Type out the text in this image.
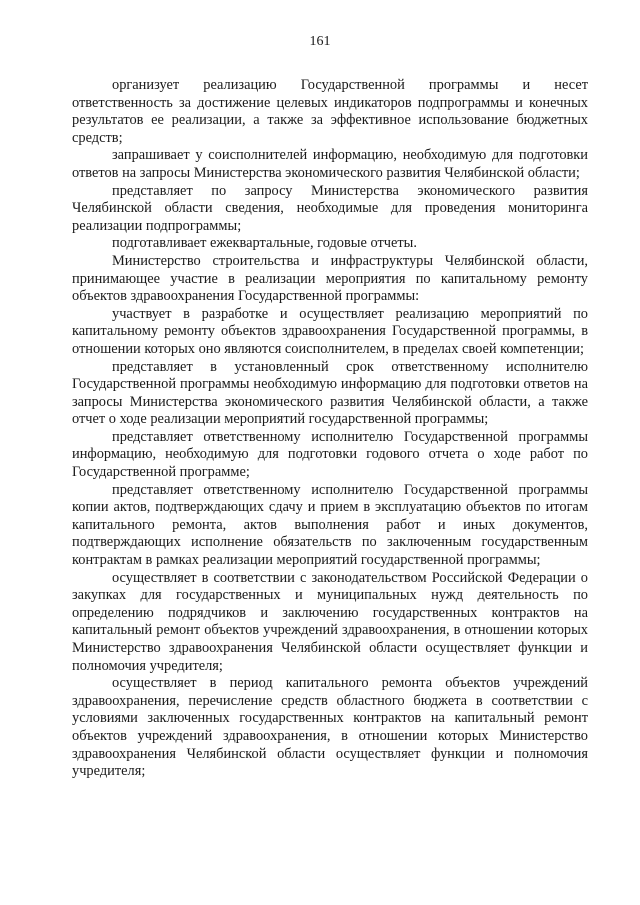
161

организует реализацию Государственной программы и несет ответственность за достижение целевых индикаторов подпрограммы и конечных результатов ее реализации, а также за эффективное использование бюджетных средств;

запрашивает у соисполнителей информацию, необходимую для подготовки ответов на запросы Министерства экономического развития Челябинской области;

представляет по запросу Министерства экономического развития Челябинской области сведения, необходимые для проведения мониторинга реализации подпрограммы;

подготавливает ежеквартальные, годовые отчеты.

Министерство строительства и инфраструктуры Челябинской области, принимающее участие в реализации мероприятия по капитальному ремонту объектов здравоохранения Государственной программы:

участвует в разработке и осуществляет реализацию мероприятий по капитальному ремонту объектов здравоохранения Государственной программы, в отношении которых оно являются соисполнителем, в пределах своей компетенции;

представляет в установленный срок ответственному исполнителю Государственной программы необходимую информацию для подготовки ответов на запросы Министерства экономического развития Челябинской области, а также отчет о ходе реализации мероприятий государственной программы;

представляет ответственному исполнителю Государственной программы информацию, необходимую для подготовки годового отчета о ходе работ по Государственной программе;

представляет ответственному исполнителю Государственной программы копии актов, подтверждающих сдачу и прием в эксплуатацию объектов по итогам капитального ремонта, актов выполнения работ и иных документов, подтверждающих исполнение обязательств по заключенным государственным контрактам в рамках реализации мероприятий государственной программы;

осуществляет в соответствии с законодательством Российской Федерации о закупках для государственных и муниципальных нужд деятельность по определению подрядчиков и заключению государственных контрактов на капитальный ремонт объектов учреждений здравоохранения, в отношении которых Министерство здравоохранения Челябинской области осуществляет функции и полномочия учредителя;

осуществляет в период капитального ремонта объектов учреждений здравоохранения, перечисление средств областного бюджета в соответствии с условиями заключенных государственных контрактов на капитальный ремонт объектов учреждений здравоохранения, в отношении которых Министерство здравоохранения Челябинской области осуществляет функции и полномочия учредителя;
